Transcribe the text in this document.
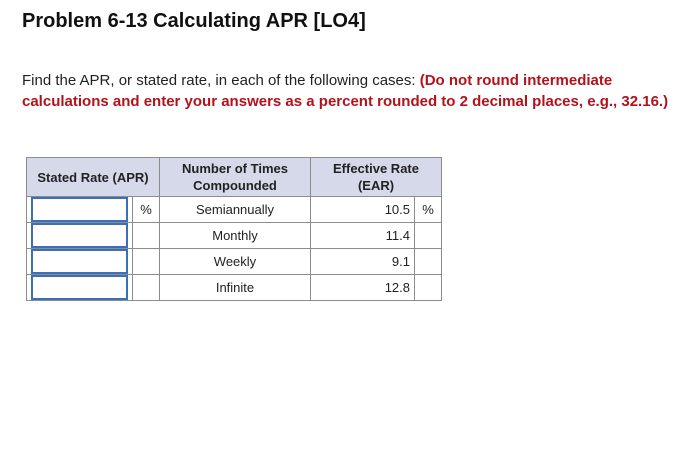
Problem 6-13 Calculating APR [LO4]
Find the APR, or stated rate, in each of the following cases: (Do not round intermediate calculations and enter your answers as a percent rounded to 2 decimal places, e.g., 32.16.)
Stated Rate (APR)		Number of Times Compounded	Effective Rate (EAR)	
	%	Semiannually	10.5	%
		Monthly	11.4	
		Weekly	9.1	
		Infinite	12.8	
